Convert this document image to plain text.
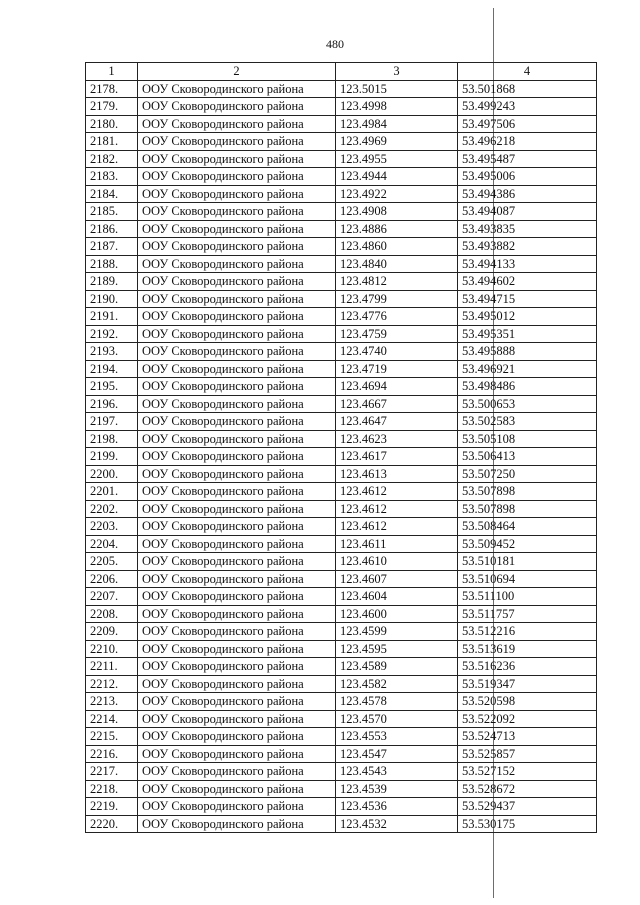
480
1	2	3	4
2178.	ООУ Сковородинского района	123.5015	53.501868
2179.	ООУ Сковородинского района	123.4998	53.499243
2180.	ООУ Сковородинского района	123.4984	53.497506
2181.	ООУ Сковородинского района	123.4969	53.496218
2182.	ООУ Сковородинского района	123.4955	53.495487
2183.	ООУ Сковородинского района	123.4944	53.495006
2184.	ООУ Сковородинского района	123.4922	53.494386
2185.	ООУ Сковородинского района	123.4908	53.494087
2186.	ООУ Сковородинского района	123.4886	53.493835
2187.	ООУ Сковородинского района	123.4860	53.493882
2188.	ООУ Сковородинского района	123.4840	53.494133
2189.	ООУ Сковородинского района	123.4812	53.494602
2190.	ООУ Сковородинского района	123.4799	53.494715
2191.	ООУ Сковородинского района	123.4776	53.495012
2192.	ООУ Сковородинского района	123.4759	53.495351
2193.	ООУ Сковородинского района	123.4740	53.495888
2194.	ООУ Сковородинского района	123.4719	53.496921
2195.	ООУ Сковородинского района	123.4694	53.498486
2196.	ООУ Сковородинского района	123.4667	53.500653
2197.	ООУ Сковородинского района	123.4647	53.502583
2198.	ООУ Сковородинского района	123.4623	53.505108
2199.	ООУ Сковородинского района	123.4617	53.506413
2200.	ООУ Сковородинского района	123.4613	53.507250
2201.	ООУ Сковородинского района	123.4612	53.507898
2202.	ООУ Сковородинского района	123.4612	53.507898
2203.	ООУ Сковородинского района	123.4612	53.508464
2204.	ООУ Сковородинского района	123.4611	53.509452
2205.	ООУ Сковородинского района	123.4610	53.510181
2206.	ООУ Сковородинского района	123.4607	53.510694
2207.	ООУ Сковородинского района	123.4604	53.511100
2208.	ООУ Сковородинского района	123.4600	53.511757
2209.	ООУ Сковородинского района	123.4599	53.512216
2210.	ООУ Сковородинского района	123.4595	53.513619
2211.	ООУ Сковородинского района	123.4589	53.516236
2212.	ООУ Сковородинского района	123.4582	53.519347
2213.	ООУ Сковородинского района	123.4578	53.520598
2214.	ООУ Сковородинского района	123.4570	53.522092
2215.	ООУ Сковородинского района	123.4553	53.524713
2216.	ООУ Сковородинского района	123.4547	53.525857
2217.	ООУ Сковородинского района	123.4543	53.527152
2218.	ООУ Сковородинского района	123.4539	53.528672
2219.	ООУ Сковородинского района	123.4536	53.529437
2220.	ООУ Сковородинского района	123.4532	53.530175
